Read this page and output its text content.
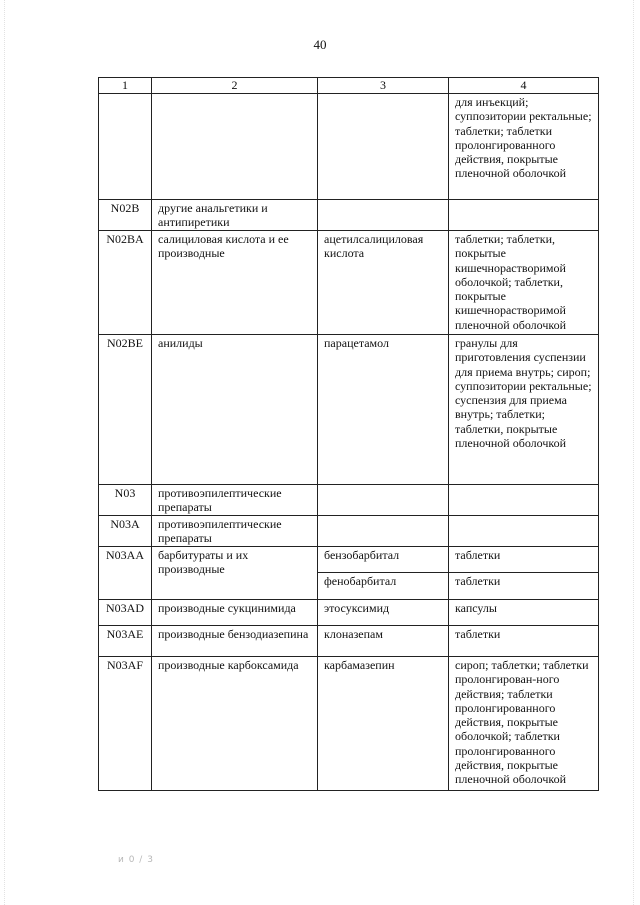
40
1	2	3	4
			для инъекций; суппозитории ректальные; таблетки; таблетки пролонгированного действия, покрытые пленочной оболочкой
N02B	другие анальгетики и антипиретики		
N02BA	салициловая кислота и ее производные	ацетилсалициловая кислота	таблетки; таблетки, покрытые кишечнорастворимой оболочкой; таблетки, покрытые кишечнорастворимой пленочной оболочкой
N02BE	анилиды	парацетамол	гранулы для приготовления суспензии для приема внутрь; сироп; суппозитории ректальные; суспензия для приема внутрь; таблетки; таблетки, покрытые пленочной оболочкой
N03	противоэпилептические препараты		
N03A	противоэпилептические препараты		
N03AA	барбитураты и их производные	бензобарбитал	таблетки
		фенобарбитал	таблетки
N03AD	производные сукцинимида	этосуксимид	капсулы
N03AE	производные бензодиазепина	клоназепам	таблетки
N03AF	производные карбоксамида	карбамазепин	сироп; таблетки; таблетки пролонгирован-ного действия; таблетки пролонгированного действия, покрытые оболочкой; таблетки пролонгированного действия, покрытые пленочной оболочкой
и 0 / 3
